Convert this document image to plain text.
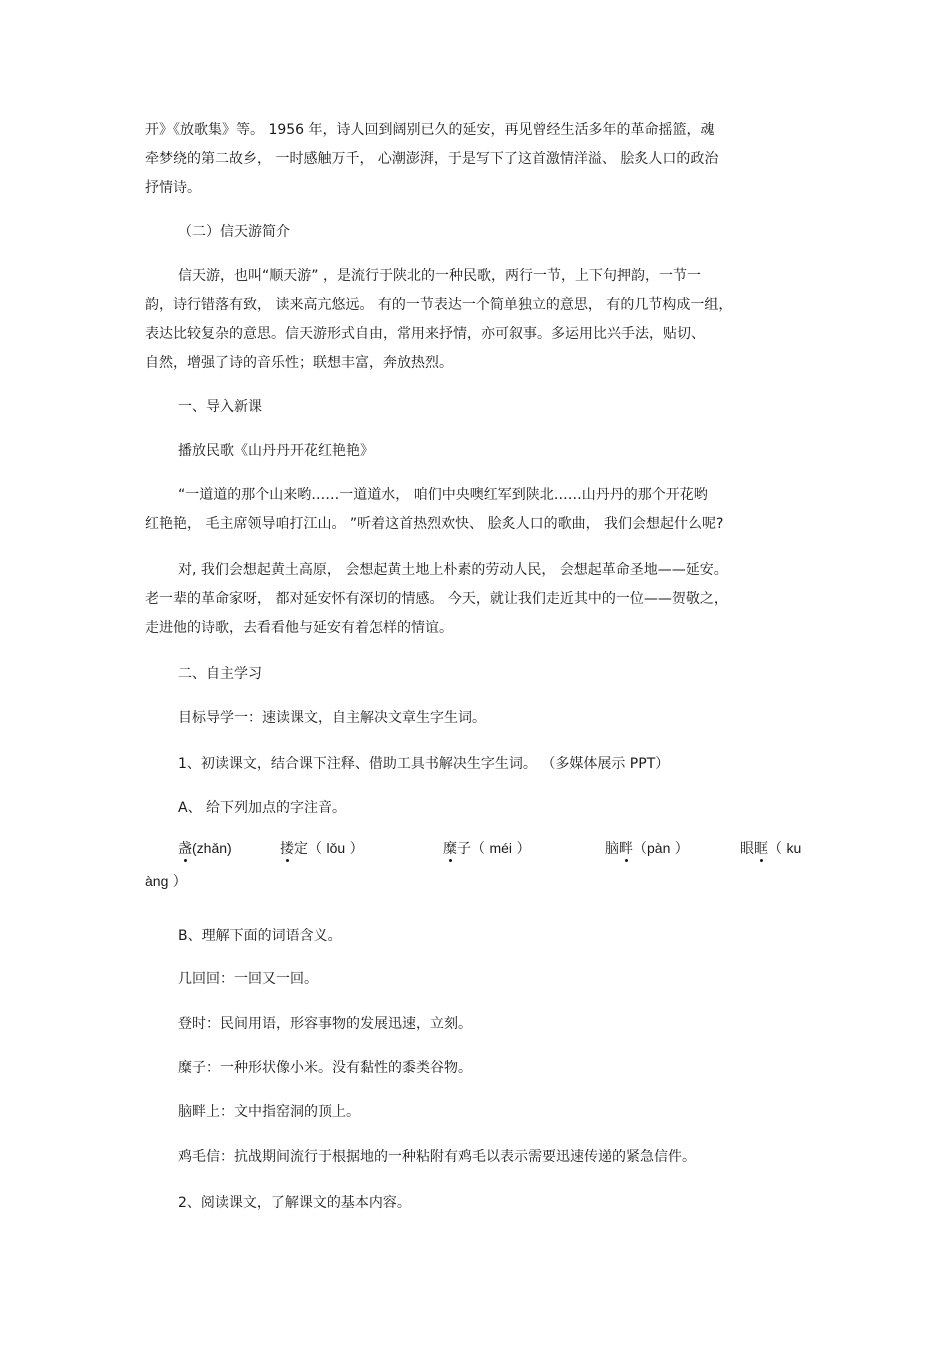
开》《放歌集》等。 1956 年，诗人回到阔别已久的延安，再见曾经生活多年的革命摇篮，魂
牵梦绕的第二故乡， 一时感触万千， 心潮澎湃，于是写下了这首激情洋溢、 脍炙人口的政治
抒情诗。
（二）信天游简介
信天游，也叫“顺天游” ，是流行于陕北的一种民歌，两行一节，上下句押韵，一节一
韵，诗行错落有致， 读来高亢悠远。 有的一节表达一个简单独立的意思， 有的几节构成一组，
表达比较复杂的意思。信天游形式自由，常用来抒情，亦可叙事。多运用比兴手法，贴切、
自然，增强了诗的音乐性；联想丰富，奔放热烈。
一、导入新课
播放民歌《山丹丹开花红艳艳》
“一道道的那个山来哟……一道道水， 咱们中央噢红军到陕北……山丹丹的那个开花哟
红艳艳， 毛主席领导咱打江山。 ”听着这首热烈欢快、 脍炙人口的歌曲， 我们会想起什么呢?
对, 我们会想起黄土高原， 会想起黄土地上朴素的劳动人民， 会想起革命圣地——延安。
老一辈的革命家呀， 都对延安怀有深切的情感。 今天，就让我们走近其中的一位——贺敬之，
走进他的诗歌，去看看他与延安有着怎样的情谊。
二、自主学习
目标导学一：速读课文，自主解决文章生字生词。
1、初读课文，结合课下注释、借助工具书解决生字生词。 （多媒体展示 PPT）
A、 给下列加点的字注音。
盏(zhǎn)	搂定（ lǒu ）	糜子（ méi ）	脑畔（pàn ）	眼眶（ ku
àng ）
B、理解下面的词语含义。
几回回：一回又一回。
登时：民间用语，形容事物的发展迅速，立刻。
糜子：一种形状像小米。没有黏性的黍类谷物。
脑畔上：文中指窑洞的顶上。
鸡毛信：抗战期间流行于根据地的一种粘附有鸡毛以表示需要迅速传递的紧急信件。
2、阅读课文，了解课文的基本内容。
